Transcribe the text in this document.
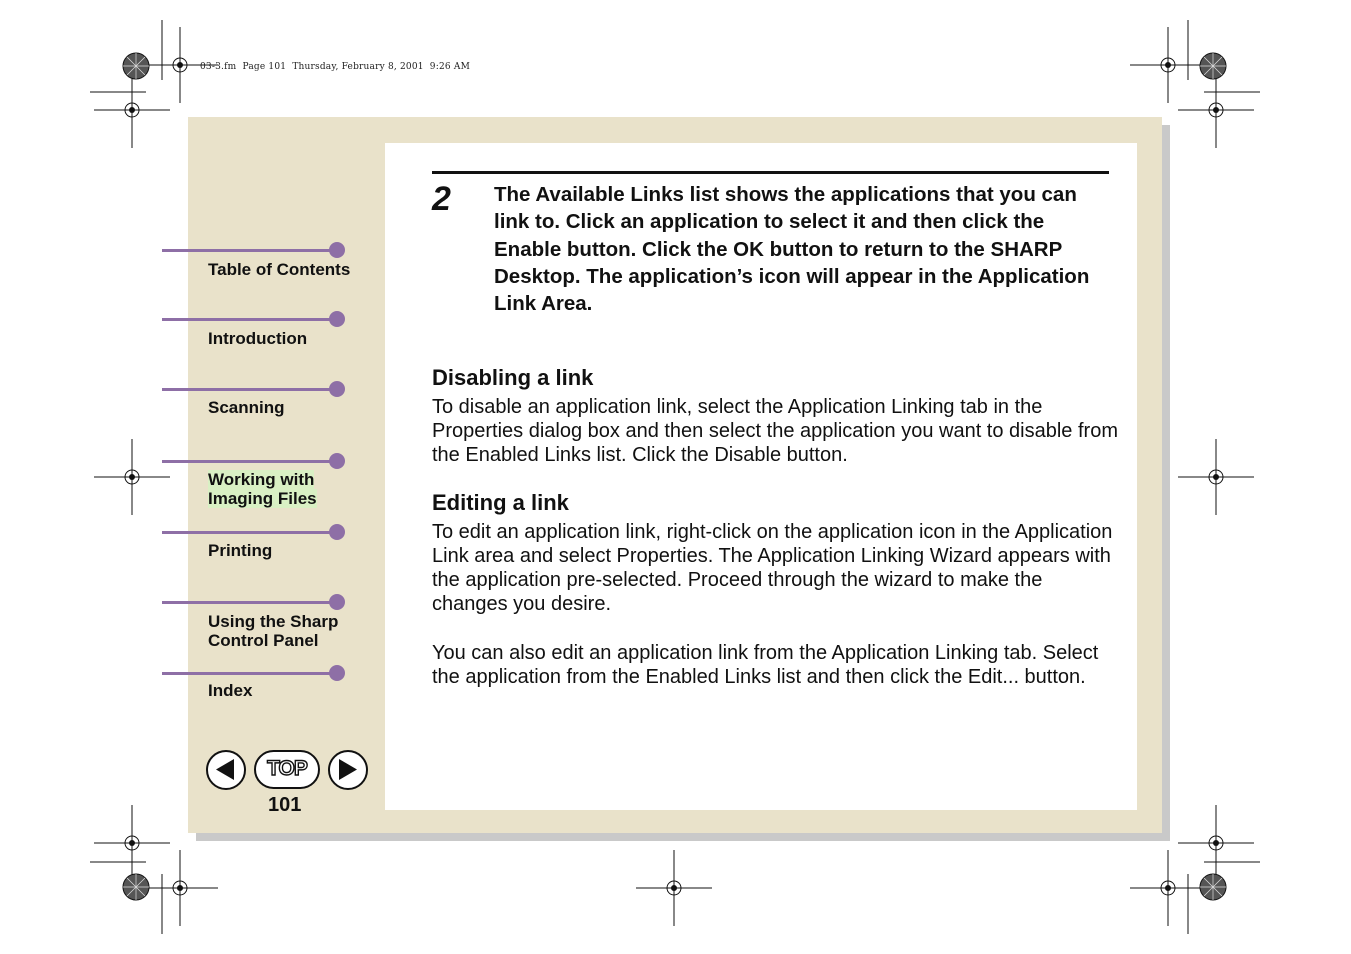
03-3.fm  Page 101  Thursday, February 8, 2001  9:26 AM
Table of Contents
Introduction
Scanning
Working with
Imaging Files
Printing
Using the Sharp
Control Panel
Index
TOP
101
2 The Available Links list shows the applications that you can link to. Click an application to select it and then click the Enable button. Click the OK button to return to the SHARP Desktop. The application’s icon will appear in the Application Link Area.
Disabling a link
To disable an application link, select the Application Linking tab in the Properties dialog box and then select the application you want to disable from the Enabled Links list. Click the Disable button.
Editing a link
To edit an application link, right-click on the application icon in the Application Link area and select Properties. The Application Linking Wizard appears with the application pre-selected. Proceed through the wizard to make the changes you desire.
You can also edit an application link from the Application Linking tab. Select the application from the Enabled Links list and then click the Edit... button.
